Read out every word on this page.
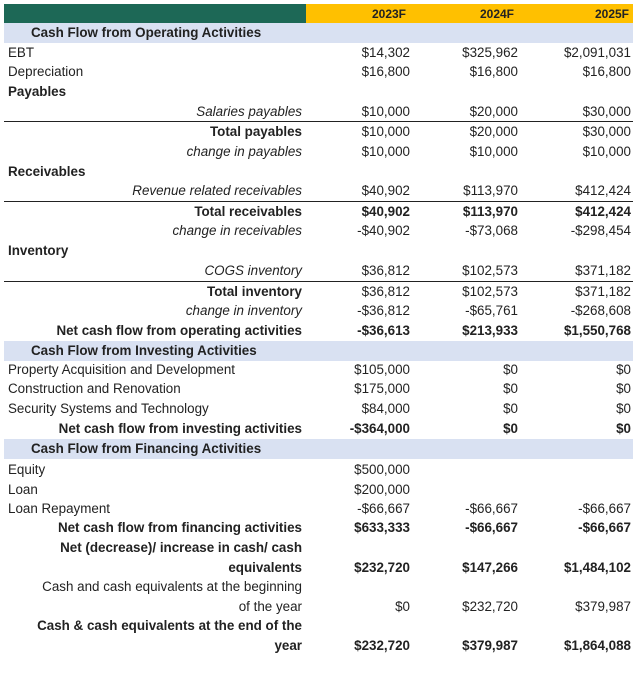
2023F	2024F	2025F
Cash Flow from Operating Activities
EBT	$14,302	$325,962	$2,091,031
Depreciation	$16,800	$16,800	$16,800
Payables
Salaries payables	$10,000	$20,000	$30,000
Total payables	$10,000	$20,000	$30,000
change in payables	$10,000	$10,000	$10,000
Receivables
Revenue related receivables	$40,902	$113,970	$412,424
Total receivables	$40,902	$113,970	$412,424
change in receivables	-$40,902	-$73,068	-$298,454
Inventory
COGS inventory	$36,812	$102,573	$371,182
Total inventory	$36,812	$102,573	$371,182
change in inventory	-$36,812	-$65,761	-$268,608
Net cash flow from operating activities	-$36,613	$213,933	$1,550,768
Cash Flow from Investing Activities
Property Acquisition and Development	$105,000	$0	$0
Construction and Renovation	$175,000	$0	$0
Security Systems and Technology	$84,000	$0	$0
Net cash flow from investing activities	-$364,000	$0	$0
Cash Flow from Financing Activities
Equity	$500,000
Loan	$200,000
Loan Repayment	-$66,667	-$66,667	-$66,667
Net cash flow from financing activities	$633,333	-$66,667	-$66,667
Net (decrease)/ increase in cash/ cash
equivalents	$232,720	$147,266	$1,484,102
Cash and cash equivalents at the beginning
of the year	$0	$232,720	$379,987
Cash & cash equivalents at the end of the
year	$232,720	$379,987	$1,864,088
